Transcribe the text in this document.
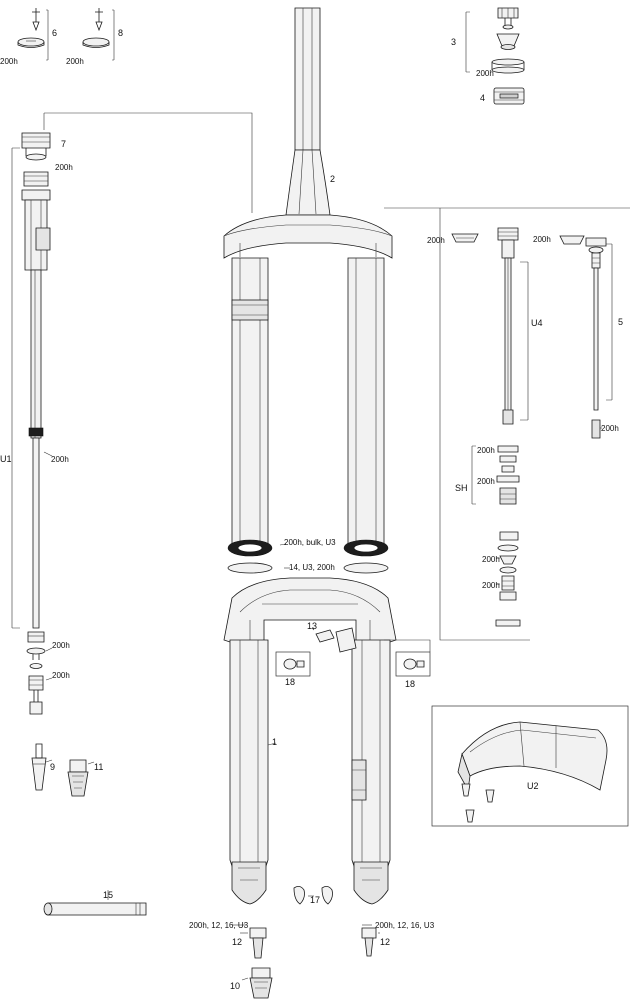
6	8
200h	200h
3
200h
4
7
200h
2
200h	200h
U4	5
200h
U1	200h
200h
200h
SH
200h
200h
200h, bulk, U3
14, U3, 200h
13
18	18
200h
200h
1
U2
9	11
15	17
200h, 12, 16, U3	200h, 12, 16, U3
12	12
10
